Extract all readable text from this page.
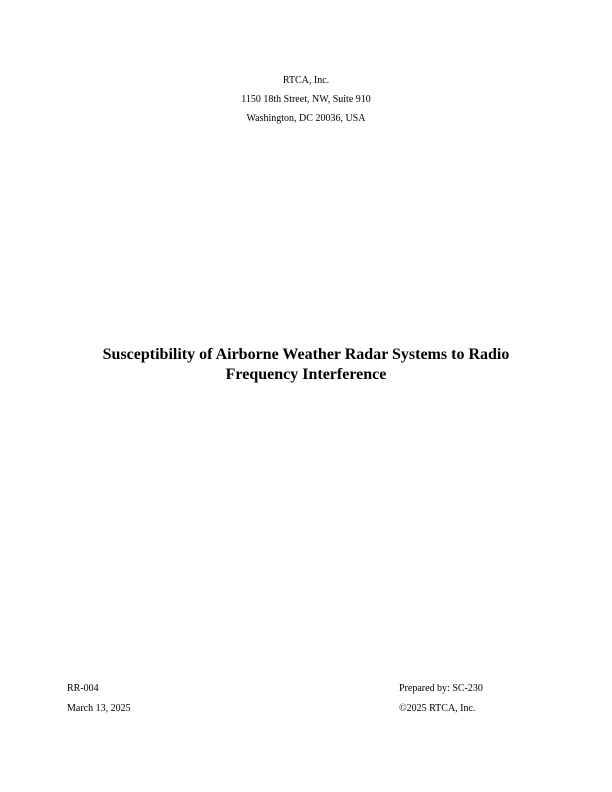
RTCA, Inc.
1150 18th Street, NW, Suite 910
Washington, DC 20036, USA
Susceptibility of Airborne Weather Radar Systems to Radio
Frequency Interference
RR-004
March 13, 2025
Prepared by: SC-230
©2025 RTCA, Inc.
